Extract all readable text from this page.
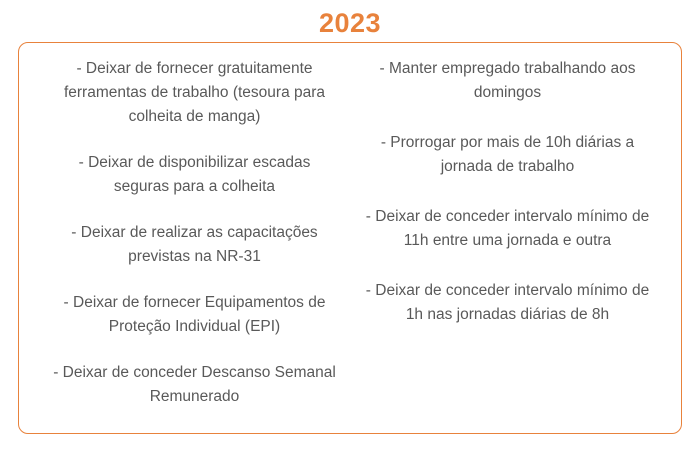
2023
- Deixar de fornecer gratuitamente ferramentas de trabalho (tesoura para colheita de manga)
- Deixar de disponibilizar escadas seguras para a colheita
- Deixar de realizar as capacitações previstas na NR-31
- Deixar de fornecer Equipamentos de Proteção Individual (EPI)
- Deixar de conceder Descanso Semanal Remunerado
- Manter empregado trabalhando aos domingos
- Prorrogar por mais de 10h diárias a jornada de trabalho
- Deixar de conceder intervalo mínimo de 11h entre uma jornada e outra
- Deixar de conceder intervalo mínimo de 1h nas jornadas diárias de 8h
